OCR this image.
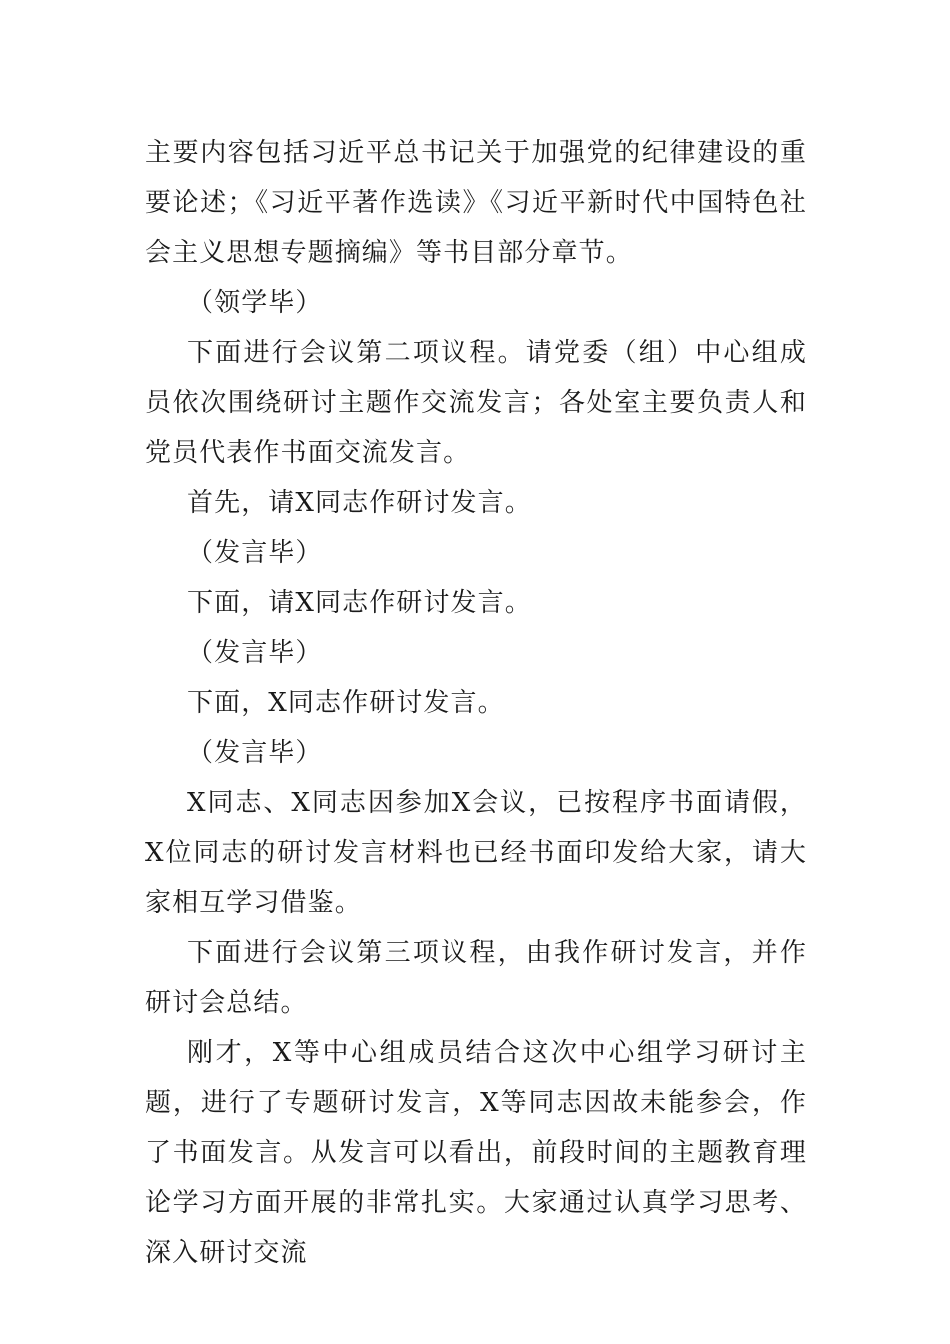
主要内容包括习近平总书记关于加强党的纪律建设的重要论述；《习近平著作选读》《习近平新时代中国特色社会主义思想专题摘编》等书目部分章节。

（领学毕）

下面进行会议第二项议程。请党委（组）中心组成员依次围绕研讨主题作交流发言；各处室主要负责人和党员代表作书面交流发言。

首先，请X同志作研讨发言。

（发言毕）

下面，请X同志作研讨发言。

（发言毕）

下面，X同志作研讨发言。

（发言毕）

X同志、X同志因参加X会议，已按程序书面请假，X位同志的研讨发言材料也已经书面印发给大家，请大家相互学习借鉴。

下面进行会议第三项议程，由我作研讨发言，并作研讨会总结。

刚才，X等中心组成员结合这次中心组学习研讨主题，进行了专题研讨发言，X等同志因故未能参会，作了书面发言。从发言可以看出，前段时间的主题教育理论学习方面开展的非常扎实。大家通过认真学习思考、深入研讨交流
